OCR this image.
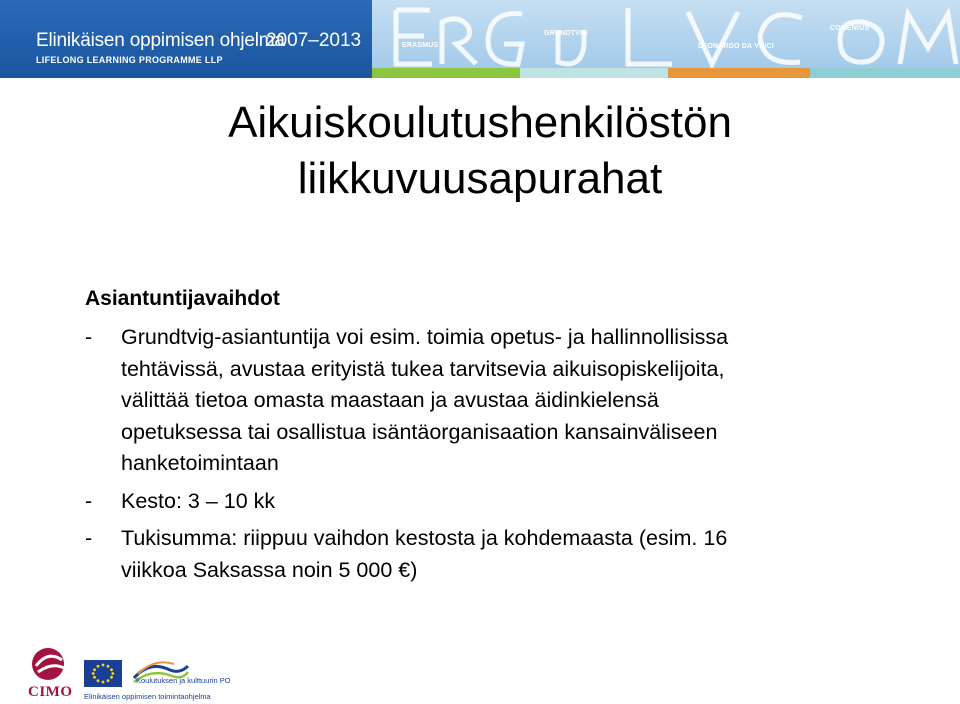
Elinikäisen oppimisen ohjelma
2007–2013
LIFELONG LEARNING PROGRAMME LLP
ERASMUS
GRUNDTVIG
COMENIUS
LEONARDO DA VINCI
Aikuiskoulutushenkilöstön
liikkuvuusapurahat
Asiantuntijavaihdot
- Grundtvig-asiantuntija voi esim. toimia opetus- ja hallinnollisissa
tehtävissä, avustaa erityistä tukea tarvitsevia aikuisopiskelijoita,
välittää tietoa omasta maastaan ja avustaa äidinkielensä
opetuksessa tai osallistua isäntäorganisaation kansainväliseen
hanketoimintaan
- Kesto: 3 – 10 kk
- Tukisumma: riippuu vaihdon kestosta ja kohdemaasta (esim. 16
viikkoa Saksassa noin 5 000 €)
CIMO
Koulutuksen ja kulttuurin PO
Elinikäisen oppimisen toimintaohjelma
